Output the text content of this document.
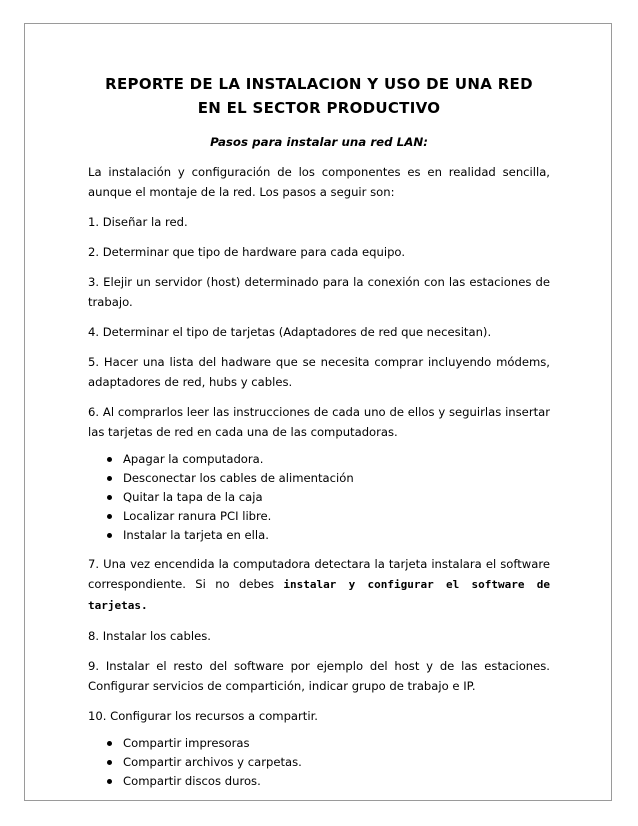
REPORTE DE LA INSTALACION Y USO DE UNA RED
EN EL SECTOR PRODUCTIVO
Pasos para instalar una red LAN:

La instalación y configuración de los componentes es en realidad sencilla, aunque el montaje de la red. Los pasos a seguir son:

1. Diseñar la red.

2. Determinar que tipo de hardware para cada equipo.

3. Elejir un servidor (host) determinado para la conexión con las estaciones de trabajo.

4. Determinar el tipo de tarjetas (Adaptadores de red que necesitan).

5. Hacer una lista del hadware que se necesita comprar incluyendo módems, adaptadores de red, hubs y cables.

6. Al comprarlos leer las instrucciones de cada uno de ellos y seguirlas insertar las tarjetas de red en cada una de las computadoras.

Apagar la computadora.
Desconectar los cables de alimentación
Quitar la tapa de la caja
Localizar ranura PCI libre.
Instalar la tarjeta en ella.

7. Una vez encendida la computadora detectara la tarjeta instalara el software correspondiente. Si no debes instalar y configurar el software de tarjetas.

8. Instalar los cables.

9. Instalar el resto del software por ejemplo del host y de las estaciones. Configurar servicios de compartición, indicar grupo de trabajo e IP.

10. Configurar los recursos a compartir.

Compartir impresoras
Compartir archivos y carpetas.
Compartir discos duros.
